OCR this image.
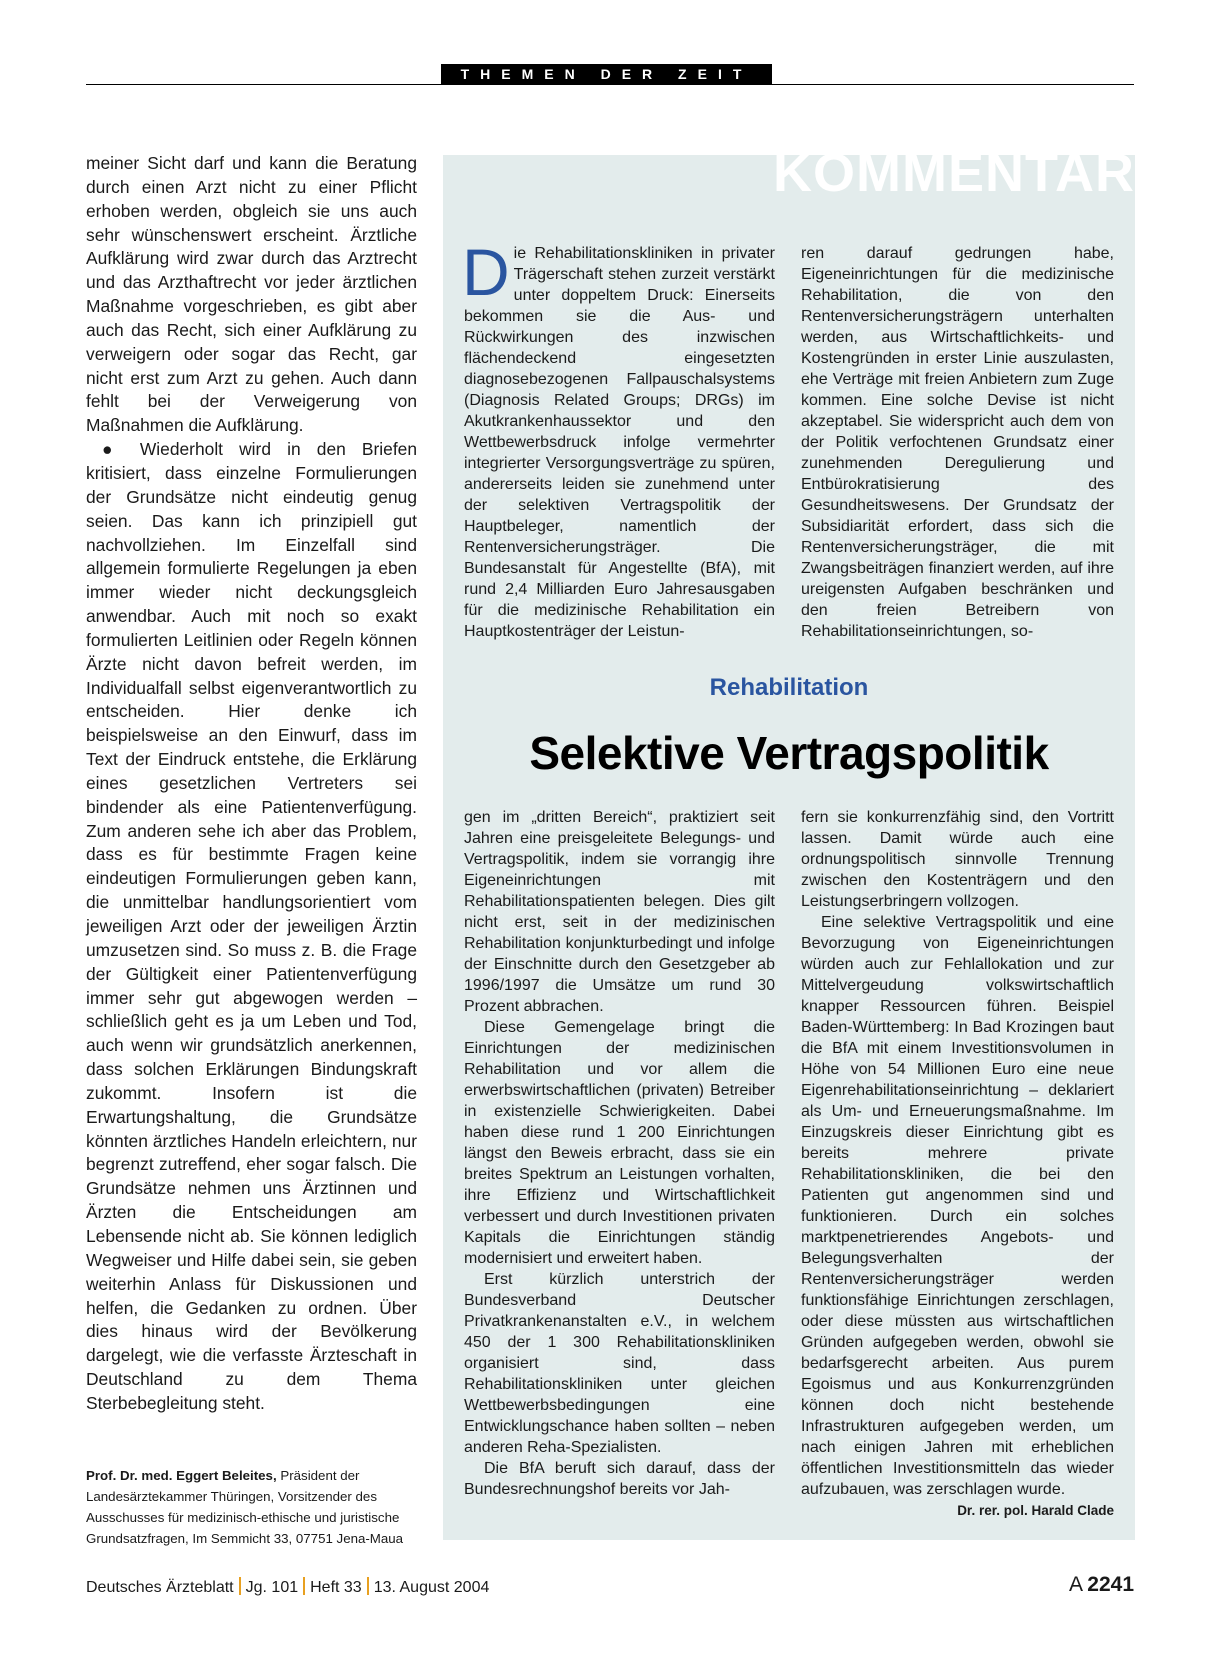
THEMEN DER ZEIT

meiner Sicht darf und kann die Beratung durch einen Arzt nicht zu einer Pflicht erhoben werden, obgleich sie uns auch sehr wünschenswert erscheint. Ärztliche Aufklärung wird zwar durch das Arztrecht und das Arzthaftrecht vor jeder ärztlichen Maßnahme vorgeschrieben, es gibt aber auch das Recht, sich einer Aufklärung zu verweigern oder sogar das Recht, gar nicht erst zum Arzt zu gehen. Auch dann fehlt bei der Verweigerung von Maßnahmen die Aufklärung.

● Wiederholt wird in den Briefen kritisiert, dass einzelne Formulierungen der Grundsätze nicht eindeutig genug seien. Das kann ich prinzipiell gut nachvollziehen. Im Einzelfall sind allgemein formulierte Regelungen ja eben immer wieder nicht deckungsgleich anwendbar. Auch mit noch so exakt formulierten Leitlinien oder Regeln können Ärzte nicht davon befreit werden, im Individualfall selbst eigenverantwortlich zu entscheiden. Hier denke ich beispielsweise an den Einwurf, dass im Text der Eindruck entstehe, die Erklärung eines gesetzlichen Vertreters sei bindender als eine Patientenverfügung. Zum anderen sehe ich aber das Problem, dass es für bestimmte Fragen keine eindeutigen Formulierungen geben kann, die unmittelbar handlungsorientiert vom jeweiligen Arzt oder der jeweiligen Ärztin umzusetzen sind. So muss z. B. die Frage der Gültigkeit einer Patientenverfügung immer sehr gut abgewogen werden – schließlich geht es ja um Leben und Tod, auch wenn wir grundsätzlich anerkennen, dass solchen Erklärungen Bindungskraft zukommt. Insofern ist die Erwartungshaltung, die Grundsätze könnten ärztliches Handeln erleichtern, nur begrenzt zutreffend, eher sogar falsch. Die Grundsätze nehmen uns Ärztinnen und Ärzten die Entscheidungen am Lebensende nicht ab. Sie können lediglich Wegweiser und Hilfe dabei sein, sie geben weiterhin Anlass für Diskussionen und helfen, die Gedanken zu ordnen. Über dies hinaus wird der Bevölkerung dargelegt, wie die verfasste Ärzteschaft in Deutschland zu dem Thema Sterbebegleitung steht.

Prof. Dr. med. Eggert Beleites, Präsident der Landesärztekammer Thüringen, Vorsitzender des Ausschusses für medizinisch-ethische und juristische Grundsatzfragen, Im Semmicht 33, 07751 Jena-Maua
KOMMENTAR

Die Rehabilitationskliniken in privater Trägerschaft stehen zurzeit verstärkt unter doppeltem Druck: Einerseits bekommen sie die Aus- und Rückwirkungen des inzwischen flächendeckend eingesetzten diagnosebezogenen Fallpauschalsystems (Diagnosis Related Groups; DRGs) im Akutkrankenhaussektor und den Wettbewerbsdruck infolge vermehrter integrierter Versorgungsverträge zu spüren, andererseits leiden sie zunehmend unter der selektiven Vertragspolitik der Hauptbeleger, namentlich der Rentenversicherungsträger. Die Bundesanstalt für Angestellte (BfA), mit rund 2,4 Milliarden Euro Jahresausgaben für die medizinische Rehabilitation ein Hauptkostenträger der Leistun-

ren darauf gedrungen habe, Eigeneinrichtungen für die medizinische Rehabilitation, die von den Rentenversicherungsträgern unterhalten werden, aus Wirtschaftlichkeits- und Kostengründen in erster Linie auszulasten, ehe Verträge mit freien Anbietern zum Zuge kommen. Eine solche Devise ist nicht akzeptabel. Sie widerspricht auch dem von der Politik verfochtenen Grundsatz einer zunehmenden Deregulierung und Entbürokratisierung des Gesundheitswesens. Der Grundsatz der Subsidiarität erfordert, dass sich die Rentenversicherungsträger, die mit Zwangsbeiträgen finanziert werden, auf ihre ureigensten Aufgaben beschränken und den freien Betreibern von Rehabilitationseinrichtungen, so-

Rehabilitation
Selektive Vertragspolitik

gen im „dritten Bereich“, praktiziert seit Jahren eine preisgeleitete Belegungs- und Vertragspolitik, indem sie vorrangig ihre Eigeneinrichtungen mit Rehabilitationspatienten belegen. Dies gilt nicht erst, seit in der medizinischen Rehabilitation konjunkturbedingt und infolge der Einschnitte durch den Gesetzgeber ab 1996/1997 die Umsätze um rund 30 Prozent abbrachen.

Diese Gemengelage bringt die Einrichtungen der medizinischen Rehabilitation und vor allem die erwerbswirtschaftlichen (privaten) Betreiber in existenzielle Schwierigkeiten. Dabei haben diese rund 1 200 Einrichtungen längst den Beweis erbracht, dass sie ein breites Spektrum an Leistungen vorhalten, ihre Effizienz und Wirtschaftlichkeit verbessert und durch Investitionen privaten Kapitals die Einrichtungen ständig modernisiert und erweitert haben.

Erst kürzlich unterstrich der Bundesverband Deutscher Privatkrankenanstalten e.V., in welchem 450 der 1 300 Rehabilitationskliniken organisiert sind, dass Rehabilitationskliniken unter gleichen Wettbewerbsbedingungen eine Entwicklungschance haben sollten – neben anderen Reha-Spezialisten.

Die BfA beruft sich darauf, dass der Bundesrechnungshof bereits vor Jah-

fern sie konkurrenzfähig sind, den Vortritt lassen. Damit würde auch eine ordnungspolitisch sinnvolle Trennung zwischen den Kostenträgern und den Leistungserbringern vollzogen.

Eine selektive Vertragspolitik und eine Bevorzugung von Eigeneinrichtungen würden auch zur Fehlallokation und zur Mittelvergeudung volkswirtschaftlich knapper Ressourcen führen. Beispiel Baden-Württemberg: In Bad Krozingen baut die BfA mit einem Investitionsvolumen in Höhe von 54 Millionen Euro eine neue Eigenrehabilitationseinrichtung – deklariert als Um- und Erneuerungsmaßnahme. Im Einzugskreis dieser Einrichtung gibt es bereits mehrere private Rehabilitationskliniken, die bei den Patienten gut angenommen sind und funktionieren. Durch ein solches marktpenetrierendes Angebots- und Belegungsverhalten der Rentenversicherungsträger werden funktionsfähige Einrichtungen zerschlagen, oder diese müssten aus wirtschaftlichen Gründen aufgegeben werden, obwohl sie bedarfsgerecht arbeiten. Aus purem Egoismus und aus Konkurrenzgründen können doch nicht bestehende Infrastrukturen aufgegeben werden, um nach einigen Jahren mit erheblichen öffentlichen Investitionsmitteln das wieder aufzubauen, was zerschlagen wurde.
Dr. rer. pol. Harald Clade

Deutsches Ärzteblatt Jg. 101 Heft 33 13. August 2004	A  2241
